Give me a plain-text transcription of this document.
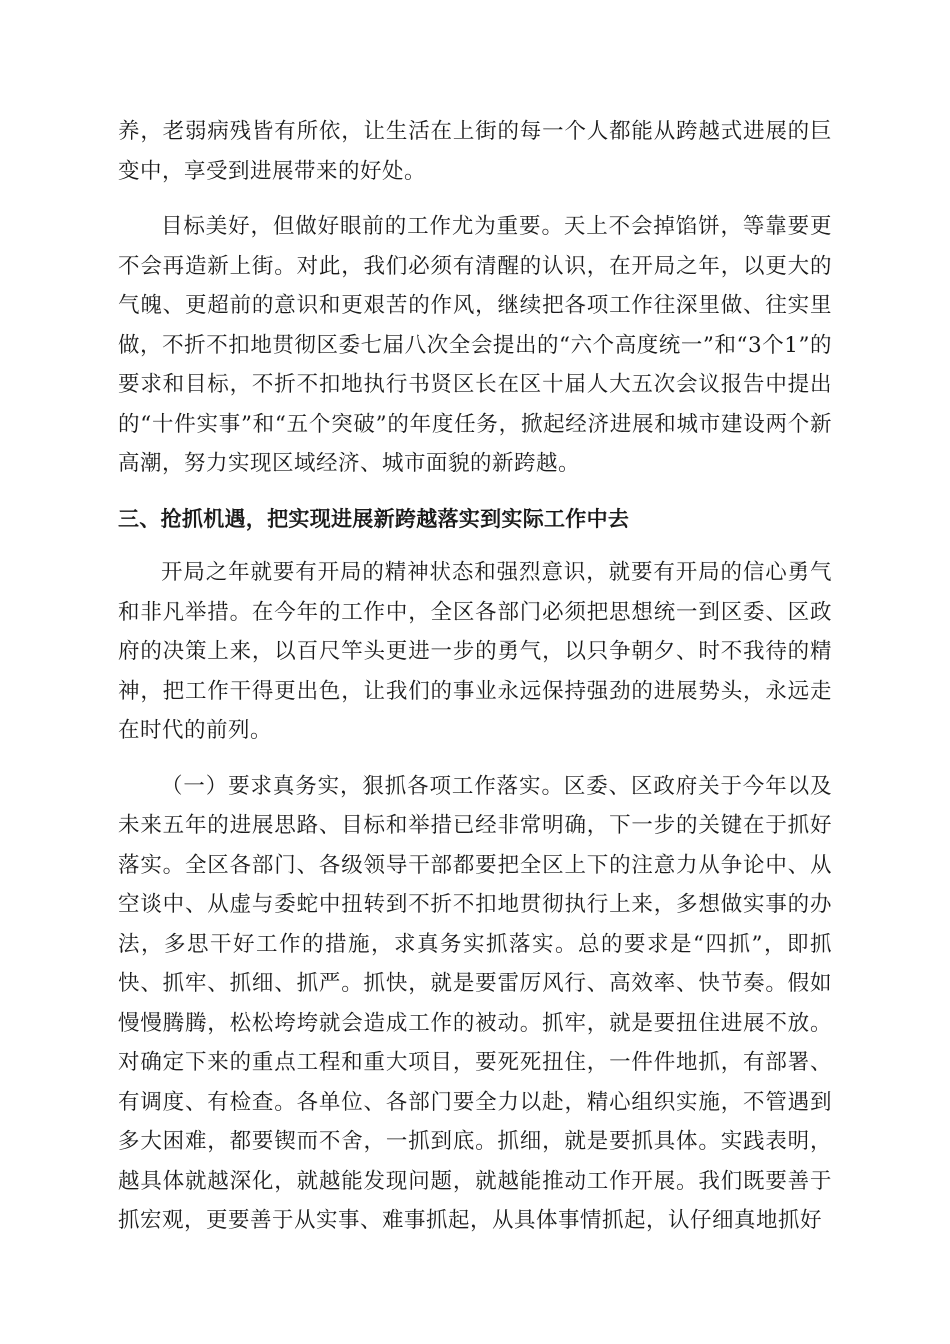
养，老弱病残皆有所依，让生活在上街的每一个人都能从跨越式进展的巨变中，享受到进展带来的好处。

目标美好，但做好眼前的工作尤为重要。天上不会掉馅饼，等靠要更不会再造新上街。对此，我们必须有清醒的认识，在开局之年，以更大的气魄、更超前的意识和更艰苦的作风，继续把各项工作往深里做、往实里做，不折不扣地贯彻区委七届八次全会提出的“六个高度统一”和“3个1”的要求和目标，不折不扣地执行书贤区长在区十届人大五次会议报告中提出的“十件实事”和“五个突破”的年度任务，掀起经济进展和城市建设两个新高潮，努力实现区域经济、城市面貌的新跨越。

三、抢抓机遇，把实现进展新跨越落实到实际工作中去

开局之年就要有开局的精神状态和强烈意识，就要有开局的信心勇气和非凡举措。在今年的工作中，全区各部门必须把思想统一到区委、区政府的决策上来，以百尺竿头更进一步的勇气，以只争朝夕、时不我待的精神，把工作干得更出色，让我们的事业永远保持强劲的进展势头，永远走在时代的前列。

（一）要求真务实，狠抓各项工作落实。区委、区政府关于今年以及未来五年的进展思路、目标和举措已经非常明确，下一步的关键在于抓好落实。全区各部门、各级领导干部都要把全区上下的注意力从争论中、从空谈中、从虚与委蛇中扭转到不折不扣地贯彻执行上来，多想做实事的办法，多思干好工作的措施，求真务实抓落实。总的要求是“四抓”，即抓快、抓牢、抓细、抓严。抓快，就是要雷厉风行、高效率、快节奏。假如慢慢腾腾，松松垮垮就会造成工作的被动。抓牢，就是要扭住进展不放。对确定下来的重点工程和重大项目，要死死扭住，一件件地抓，有部署、有调度、有检查。各单位、各部门要全力以赴，精心组织实施，不管遇到多大困难，都要锲而不舍，一抓到底。抓细，就是要抓具体。实践表明，越具体就越深化，就越能发现问题，就越能推动工作开展。我们既要善于抓宏观，更要善于从实事、难事抓起，从具体事情抓起，认仔细真地抓好
